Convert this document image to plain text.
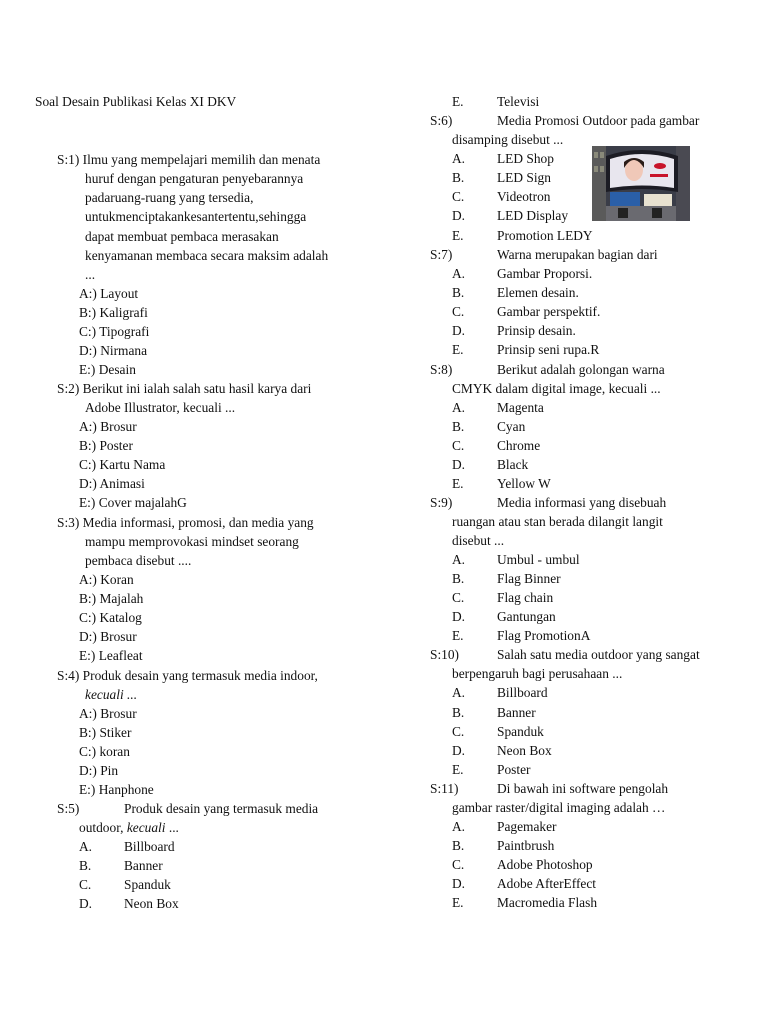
Soal Desain Publikasi Kelas XI DKV
S:1) Ilmu yang mempelajari memilih dan menata
huruf dengan pengaturan penyebarannya
padaruang-ruang yang tersedia,
untukmenciptakankesantertentu,sehingga
dapat membuat pembaca merasakan
kenyamanan membaca secara maksim adalah
...
A:) Layout
B:) Kaligrafi
C:) Tipografi
D:) Nirmana
E:) Desain
S:2) Berikut ini ialah salah satu hasil karya dari
Adobe Illustrator, kecuali ...
A:) Brosur
B:) Poster
C:) Kartu Nama
D:) Animasi
E:) Cover majalahG
S:3) Media informasi, promosi, dan media yang
mampu memprovokasi mindset seorang
pembaca disebut ....
A:) Koran
B:) Majalah
C:) Katalog
D:) Brosur
E:) Leafleat
S:4) Produk desain yang termasuk media indoor,
kecuali ...
A:) Brosur
B:) Stiker
C:) koran
D:) Pin
E:) Hanphone
S:5)	Produk desain yang termasuk media
outdoor, kecuali ...
A. Billboard
B. Banner
C. Spanduk
D. Neon Box
E. Televisi
S:6)	Media Promosi Outdoor pada gambar
disamping disebut ...
A. LED Shop
B. LED Sign
C. Videotron
D. LED Display
E. Promotion LEDY
S:7)	Warna merupakan bagian dari
A. Gambar Proporsi.
B. Elemen desain.
C. Gambar perspektif.
D. Prinsip desain.
E. Prinsip seni rupa.R
S:8)	Berikut adalah golongan warna
CMYK dalam digital image, kecuali ...
A. Magenta
B. Cyan
C. Chrome
D. Black
E. Yellow W
S:9)	Media informasi yang disebuah
ruangan atau stan berada dilangit langit
disebut ...
A. Umbul - umbul
B. Flag Binner
C. Flag chain
D. Gantungan
E. Flag PromotionA
S:10)	Salah satu media outdoor yang sangat
berpengaruh bagi perusahaan ...
A. Billboard
B. Banner
C. Spanduk
D. Neon Box
E. Poster
S:11)	Di bawah ini software pengolah
gambar raster/digital imaging adalah …
A. Pagemaker
B. Paintbrush
C. Adobe Photoshop
D. Adobe AfterEffect
E. Macromedia Flash
